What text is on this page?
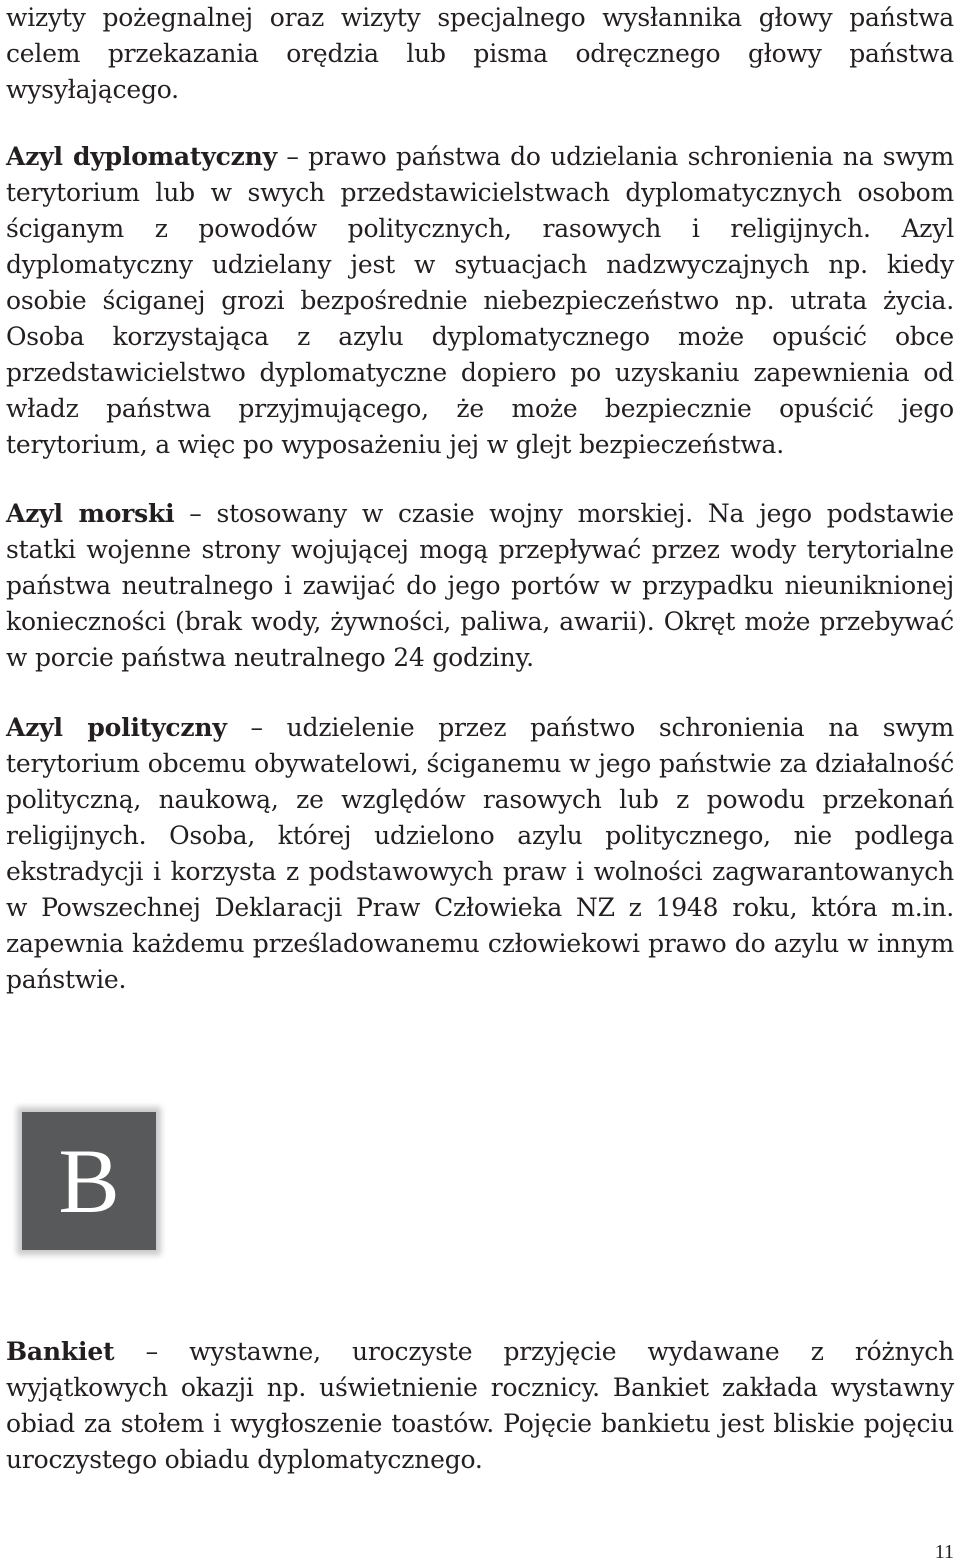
wizyty pożegnalnej oraz wizyty specjalnego wysłannika głowy państwa celem przekazania orędzia lub pisma odręcznego głowy państwa wysyłającego.

Azyl dyplomatyczny – prawo państwa do udzielania schronienia na swym terytorium lub w swych przedstawicielstwach dyplomatycznych osobom ściganym z powodów politycznych, rasowych i religijnych. Azyl dyplomatyczny udzielany jest w sytuacjach nadzwyczajnych np. kiedy osobie ściganej grozi bezpośrednie niebezpieczeństwo np. utrata życia. Osoba korzystająca z azylu dyplomatycznego może opuścić obce przedstawicielstwo dyplomatyczne dopiero po uzyskaniu zapewnienia od władz państwa przyjmującego, że może bezpiecznie opuścić jego terytorium, a więc po wyposażeniu jej w glejt bezpieczeństwa.

Azyl morski – stosowany w czasie wojny morskiej. Na jego podstawie statki wojenne strony wojującej mogą przepływać przez wody terytorialne państwa neutralnego i zawijać do jego portów w przypadku nieuniknionej konieczności (brak wody, żywności, paliwa, awarii). Okręt może przebywać w porcie państwa neutralnego 24 godziny.

Azyl polityczny – udzielenie przez państwo schronienia na swym terytorium obcemu obywatelowi, ściganemu w jego państwie za działalność polityczną, naukową, ze względów rasowych lub z powodu przekonań religijnych. Osoba, której udzielono azylu politycznego, nie podlega ekstradycji i korzysta z podstawowych praw i wolności zagwarantowanych w Powszechnej Deklaracji Praw Człowieka NZ z 1948 roku, która m.in. zapewnia każdemu prześladowanemu człowiekowi prawo do azylu w innym państwie.

B

Bankiet – wystawne, uroczyste przyjęcie wydawane z różnych wyjątkowych okazji np. uświetnienie rocznicy. Bankiet zakłada wystawny obiad za stołem i wygłoszenie toastów. Pojęcie bankietu jest bliskie pojęciu uroczystego obiadu dyplomatycznego.

11
